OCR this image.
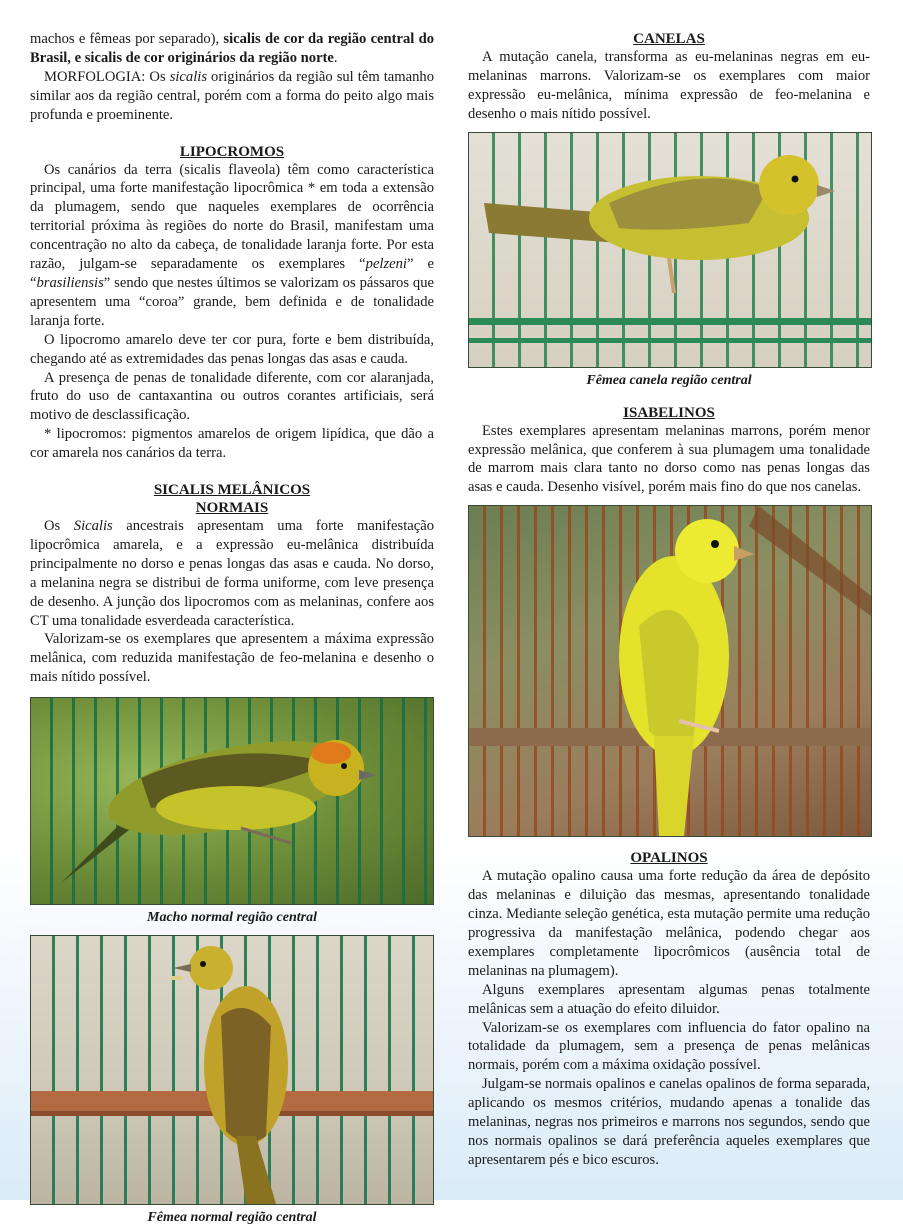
machos e fêmeas por separado), sicalis de cor da região central do Brasil, e sicalis de cor originários da região norte.

MORFOLOGIA: Os sicalis originários da região sul têm tamanho similar aos da região central, porém com a forma do peito algo mais profunda e proeminente.

LIPOCROMOS

Os canários da terra (sicalis flaveola) têm como característica principal, uma forte manifestação lipocrômica * em toda a extensão da plumagem, sendo que naqueles exemplares de ocorrência territorial próxima às regiões do norte do Brasil, manifestam uma concentração no alto da cabeça, de tonalidade laranja forte. Por esta razão, julgam-se separadamente os exemplares “pelzeni” e “brasiliensis” sendo que nestes últimos se valorizam os pássaros que apresentem uma “coroa” grande, bem definida e de tonalidade laranja forte.

O lipocromo amarelo deve ter cor pura, forte e bem distribuída, chegando até as extremidades das penas longas das asas e cauda.

A presença de penas de tonalidade diferente, com cor alaranjada, fruto do uso de cantaxantina ou outros corantes artificiais, será motivo de desclassificação.

* lipocromos: pigmentos amarelos de origem lipídica, que dão a cor amarela nos canários da terra.

SICALIS MELÂNICOS
NORMAIS

Os Sicalis ancestrais apresentam uma forte manifestação lipocrômica amarela, e a expressão eu-melânica distribuída principalmente no dorso e penas longas das asas e cauda. No dorso, a melanina negra se distribui de forma uniforme, com leve presença de desenho. A junção dos lipocromos com as melaninas, confere aos CT uma tonalidade esverdeada característica.

Valorizam-se os exemplares que apresentem a máxima expressão melânica, com reduzida manifestação de feo-melanina e desenho o mais nítido possível.

Macho normal região central
Fêmea normal região central
CANELAS

A mutação canela, transforma as eu-melaninas negras em eu-melaninas marrons. Valorizam-se os exemplares com maior expressão eu-melânica, mínima expressão de feo-melanina e desenho o mais nítido possível.

Fêmea canela região central
ISABELINOS

Estes exemplares apresentam melaninas marrons, porém menor expressão melânica, que conferem à sua plumagem uma tonalidade de marrom mais clara tanto no dorso como nas penas longas das asas e cauda. Desenho visível, porém mais fino do que nos canelas.

OPALINOS

A mutação opalino causa uma forte redução da área de depósito das melaninas e diluição das mesmas, apresentando tonalidade cinza. Mediante seleção genética, esta mutação permite uma redução progressiva da manifestação melânica, podendo chegar aos exemplares completamente lipocrômicos (ausência total de melaninas na plumagem).

Alguns exemplares apresentam algumas penas totalmente melânicas sem a atuação do efeito diluidor.

Valorizam-se os exemplares com influencia do fator opalino na totalidade da plumagem, sem a presença de penas melânicas normais, porém com a máxima oxidação possível.

Julgam-se normais opalinos e canelas opalinos de forma separada, aplicando os mesmos critérios, mudando apenas a tonalide das melaninas, negras nos primeiros e marrons nos segundos, sendo que nos normais opalinos se dará preferência aqueles exemplares que apresentarem pés e bico escuros.
